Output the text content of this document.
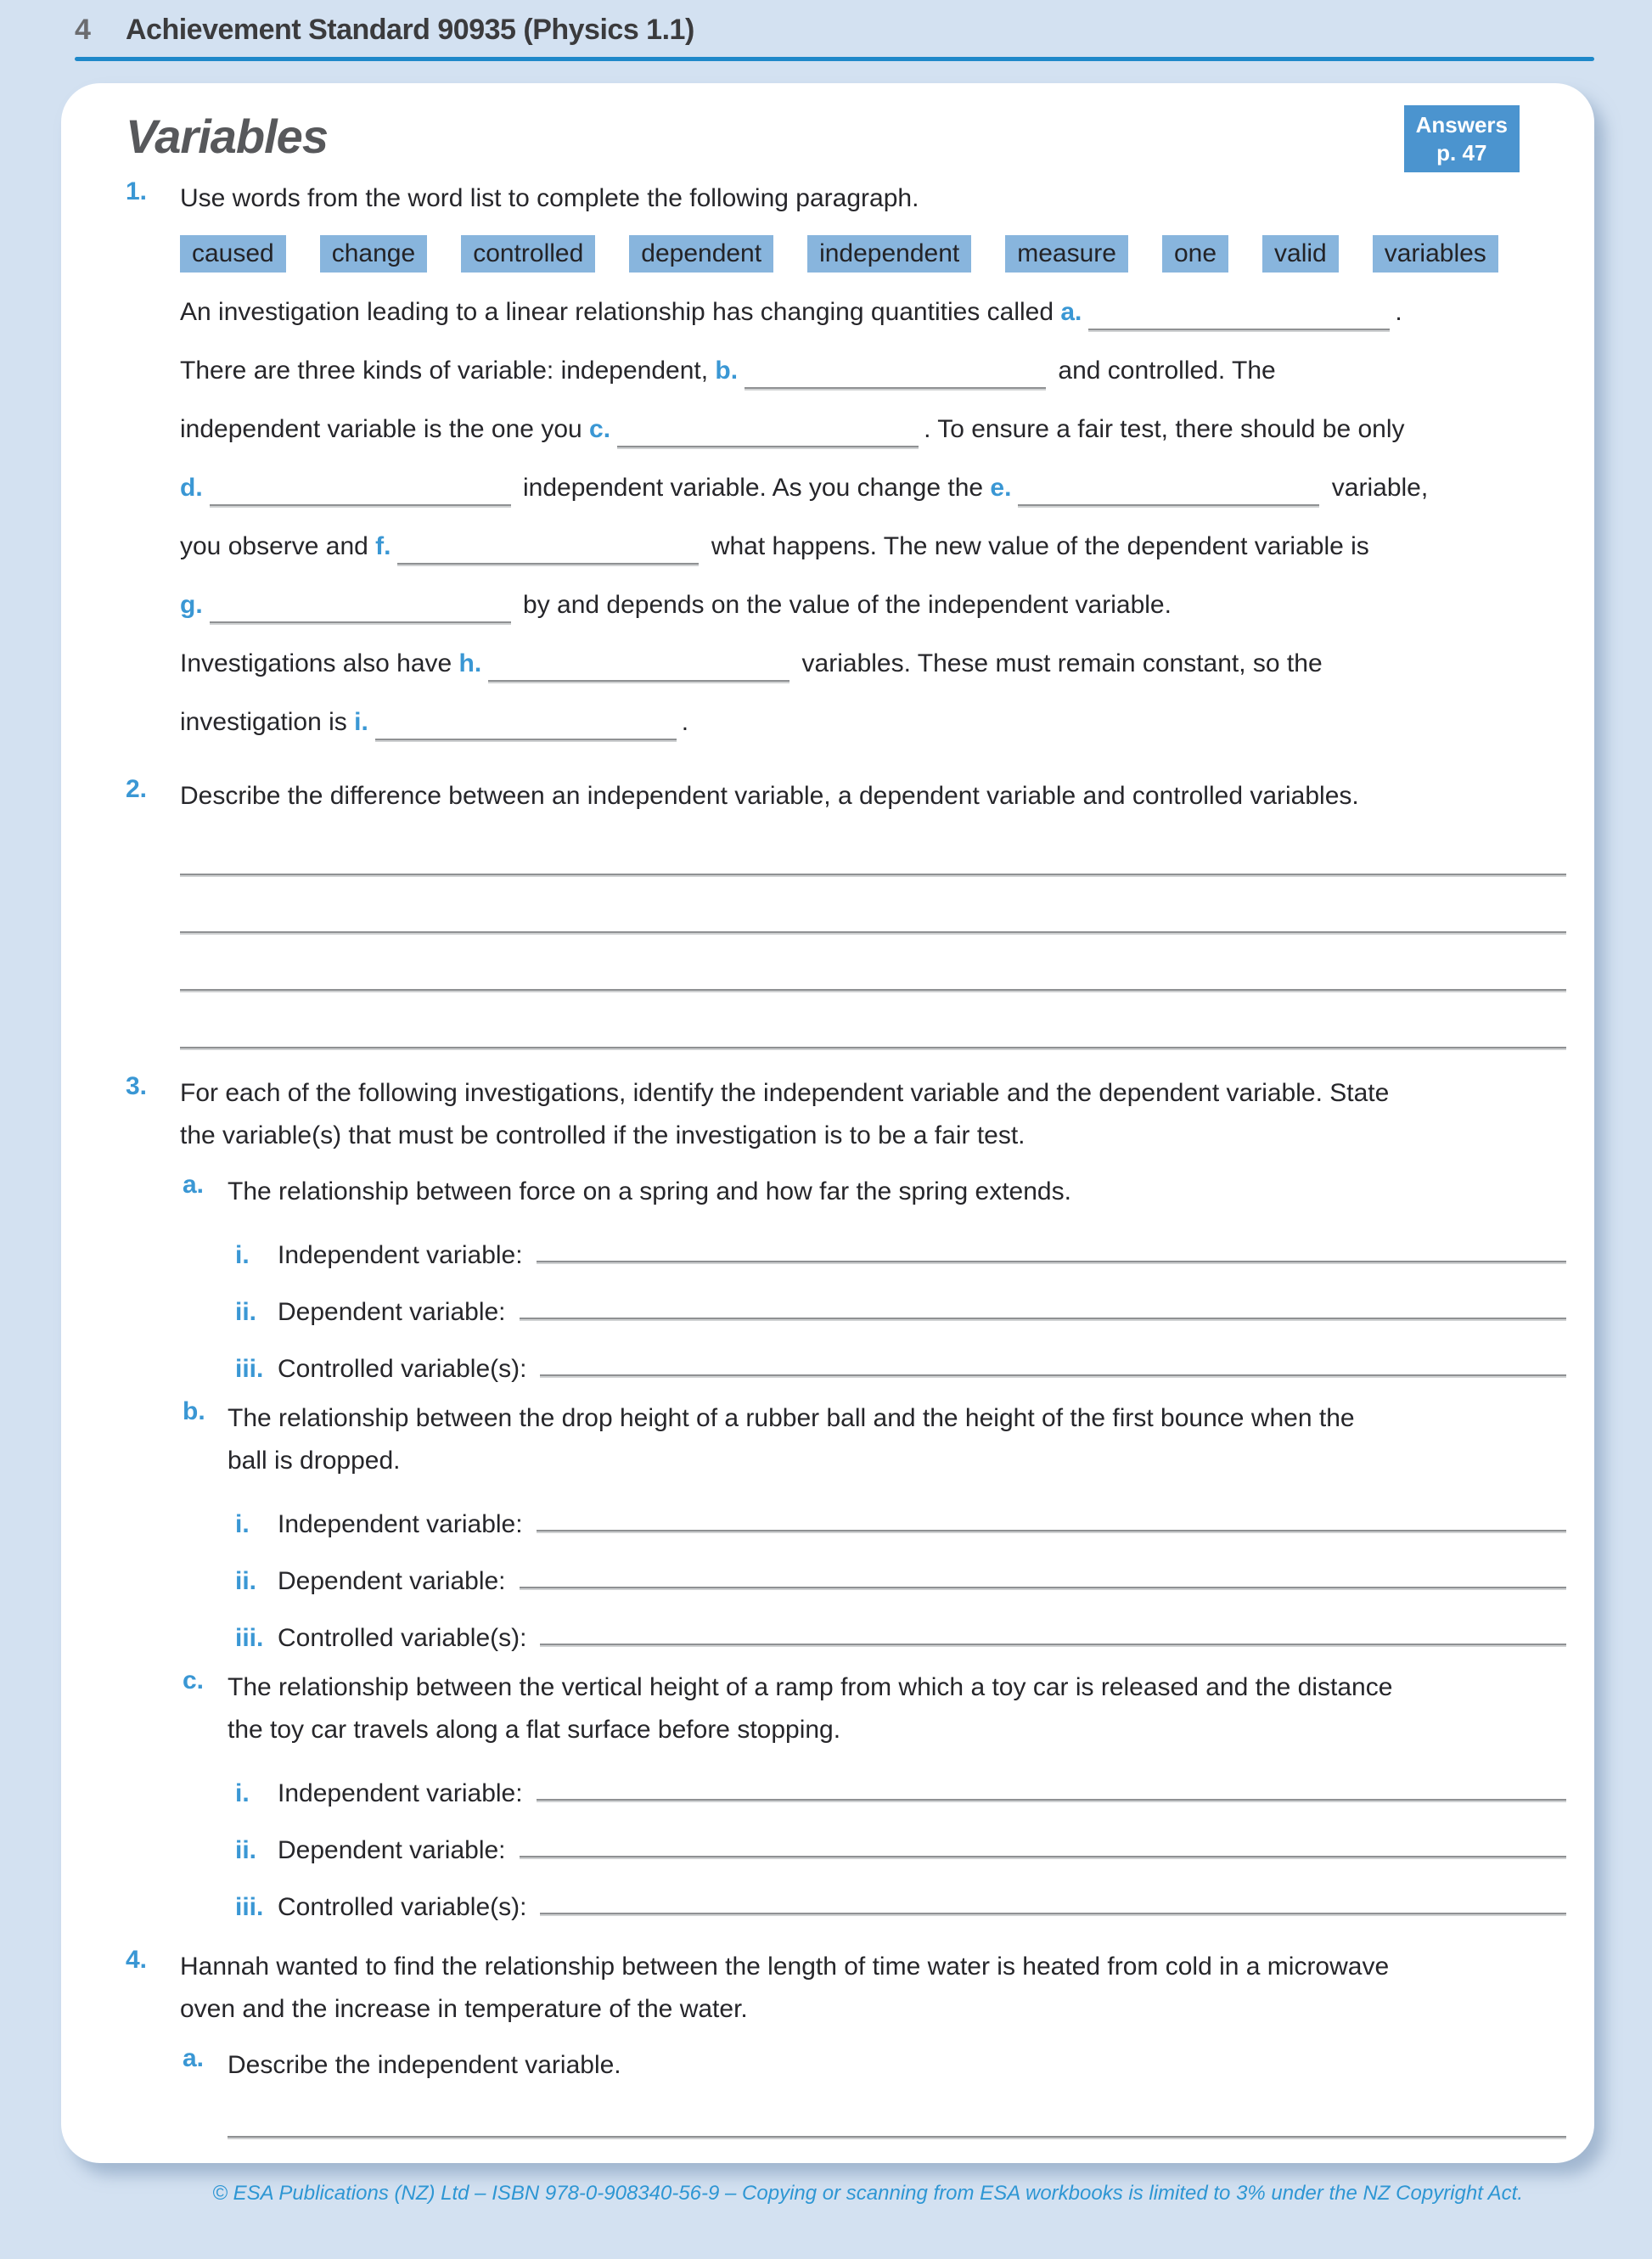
4	Achievement Standard 90935 (Physics 1.1)
Variables	Answers
p. 47
1.	Use words from the word list to complete the following paragraph.
caused	change	controlled	dependent	independent	measure	one	valid	variables
An investigation leading to a linear relationship has changing quantities called a.	.
There are three kinds of variable: independent, b.	and controlled. The
independent variable is the one you c.	. To ensure a fair test, there should be only
d.	independent variable. As you change the e.	variable,
you observe and f.	what happens. The new value of the dependent variable is
g.	by and depends on the value of the independent variable.
Investigations also have h.	variables. These must remain constant, so the
investigation is i.	.
2.	Describe the difference between an independent variable, a dependent variable and controlled variables.
3.	For each of the following investigations, identify the independent variable and the dependent variable. State
the variable(s) that must be controlled if the investigation is to be a fair test.
a. The relationship between force on a spring and how far the spring extends.
i.	Independent variable:
ii. Dependent variable:
iii. Controlled variable(s):
b. The relationship between the drop height of a rubber ball and the height of the first bounce when the
ball is dropped.
i.	Independent variable:
ii. Dependent variable:
iii. Controlled variable(s):
c. The relationship between the vertical height of a ramp from which a toy car is released and the distance
the toy car travels along a flat surface before stopping.
i.	Independent variable:
ii. Dependent variable:
iii. Controlled variable(s):
4.	Hannah wanted to find the relationship between the length of time water is heated from cold in a microwave
oven and the increase in temperature of the water.
a. Describe the independent variable.
© ESA Publications (NZ) Ltd – ISBN 978-0-908340-56-9 – Copying or scanning from ESA workbooks is limited to 3% under the NZ Copyright Act.
